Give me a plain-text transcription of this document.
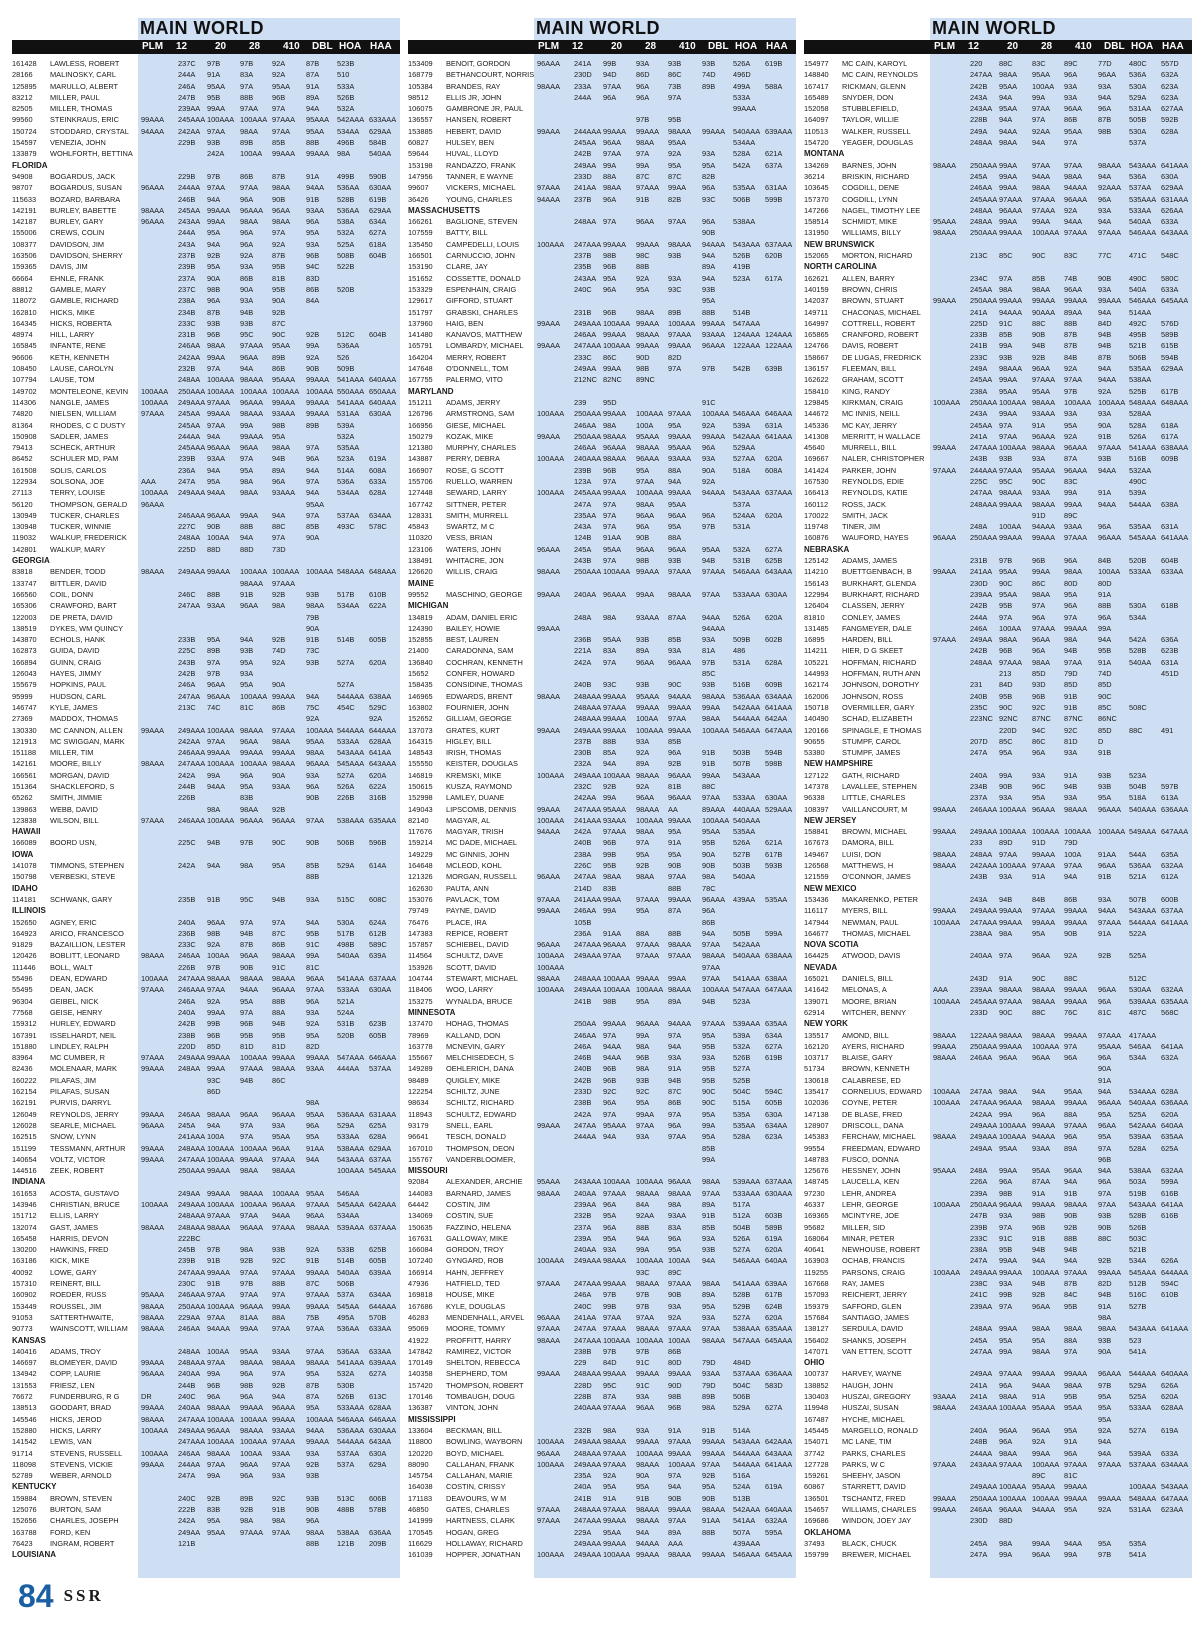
MAIN WORLD
PLM 12	20 28 410 DBL HOA HAA
161428	LAWLESS, ROBERT	237C	97B	97B	92A	87B	523B
28166	MALINOSKY, CARL	244A	91A	83A	92A	87A	510
125895	MARULLO, ALBERT	246A	95AA	97A	95AA	91A	533A
83212	MILLER, PAUL	247B	95B	88B	96B	89A	526B
82505	MILLER, THOMAS	239AA 99AA	97AA	97A	94A	532A
99560	STEINKRAUS, ERIC	99AAA	245AAA 100AAA 100AAA 97AAA	95AAA	542AAA 633AAA
150724	STODDARD, CRYSTAL	94AAA	242AA 97AA	98AA	97AA	95AA	534AA	629AA
154597	VENEZIA, JOHN	229B	93B	89B	85B	88B	496B	584B
133879	WOHLFORTH, BETTINA	242A	100AA	99AAA	99AAA	98A	540AA
FLORIDA
94908	BOGARDUS, JACK	229B	97B	86B	87B	91A	499B	590B
98707	BOGARDUS, SUSAN	96AAA	244AA 97AA	97AA	98AA	94AA	536AA	630AA
115633	BOZARD, BARBARA	246B	94A	96A	90B	91B	528B	619B
142191	BURLEY, BABETTE	98AAA	245AA 99AAA	96AAA	96AA	93AA	536AA	629AA
142187	BURLEY, GARY	96AAA	243AA 99AA	98AA	98AA	96A	538A	634A
155006	CREWS, COLIN	244A	95A	96A	97A	95A	532A	627A
108377	DAVIDSON, JIM	243A	94A	96A	92A	93A	525A	618A
163506	DAVIDSON, SHERRY	237B	92B	92A	87B	96B	508B	604B
159365	DAVIS, JIM	239B	95A	93A	95B	94C	522B
66664	EHNLE, FRANK	237A	90A	86B	81B	83D
88812	GAMBLE, MARY	237C	98B	90A	95B	86B	520B
118072	GAMBLE, RICHARD	238A	96A	93A	90A	84A
162810	HICKS, MIKE	234B	87B	94B	92B
164345	HICKS, ROBERTA	233C	93B	93B	87C
48974	HILL, LARRY	231B	96B	95C	90C	92B	512C	604B
165845	INFANTE, RENE	246AA 98AA	97AAA	95AA	99A	536AA
96606	KETH, KENNETH	242AA 99AA	96AA	89B	92A	526
108450	LAUSE, CAROLYN	232B	97A	94A	86B	90B	509B
107794	LAUSE, TOM	248AA 100AAA 98AAA	95AAA	99AAA	541AAA 640AAA
149702	MONTELEONE, KEVIN	100AAA	250AAA 100AAA 100AAA 100AAA 100AAA 550AAA 650AAA
114306	NANGLE, JAMES	100AAA	249AAA 97AAA	96AAA	99AAA	99AAA	541AAA 640AAA
74820	NIELSEN, WILLIAM	97AAA	245AA 99AAA	98AAA	93AAA	99AAA	531AA	630AA
81364	RHODES, C C DUSTY	245AA 97AA	99A	98B	89B	539A
150908	SADLER, JAMES	244AA 94A	99AAA	95A	532A
79413	SCHECK, ARTHUR	245AAA 96AAA	96AA	98AA	97A	535AA
86452	SCHULER MD, PAM	239B	93AA	97A	94B	96A	523A	619A
161508	SOLIS, CARLOS	236A	94A	95A	89A	94A	514A	608A
122934	SOLSONA, JOE	AAA	247A	95A	98A	96A	97A	536A	633A
27113	TERRY, LOUISE	100AAA	249AAA 94AA	98AA	93AAA	94A	534AA	628A
56120	THOMPSON, GERALD	96AAA	95AA
130949	TUCKER, CHARLES	246AAA 96AAA	99AA	94A	97A	537AA	634AA
130948	TUCKER, WINNIE	227C	90B	88B	88C	85B	493C	578C
119032	WALKUP, FREDERICK	248AA 100AA	94A	97A	90A
142801	WALKUP, MARY	225D	88D	88D	73D
GEORGIA
83818	BENDER, TODD	98AAA	249AAA 99AAA	100AAA 100AAA 100AAA 548AAA 648AAA
133747	BITTLER, DAVID	98AAA	97AAA
166560	COIL, DONN	246C	88B	91B	92B	93B	517B	610B
165306	CRAWFORD, BART	247AA 93AA	96AA	98A	98AA	534AA	622A
122003	DE PRETA, DAVID	79B
138519	DYKES, WM QUINCY	90A
143870	ECHOLS, HANK	233B	95A	94A	92B	91B	514B	605B
162873	GUIDA, DAVID	225C	89B	93B	74D	73C
166894	GUINN, CRAIG	243B	97A	95A	92A	93B	527A	620A
126043	HAYES, JIMMY	242B	97B	93A
155679	HOPKINS, PAUL	246A	96AA	95A	90A	527A
95999	HUDSON, CARL	247AA 96AAA	100AAA 99AAA	94A	544AAA 638AA
146747	KYLE, JAMES	213C	74C	81C	86B	75C	454C	529C
27369	MADDOX, THOMAS	92A	92A
130330	MC CANNON, ALLEN	99AAA	249AAA 100AAA 98AAA	97AAA	100AAA 544AAA 644AAA
121913	MC SWIGGAN, MARK	242AA 97AA	96AA	98AA	95AA	533AA	628AA
151188	MILLER, TIM	246AAA 99AAA	99AAA	99AAA	98AA	543AAA 641AA
142161	MOORE, BILLY	98AAA	247AAA 100AAA 100AAA 98AAA	96AAA	545AAA 643AAA
166561	MORGAN, DAVID	242A	99A	96A	90A	93A	527A	620A
151364	SHACKLEFORD, S	244B	94AA	95A	93AA	96A	526A	622A
65262	SMITH, JIMMIE	226B	83B	90B	226B	316B
139863	WEBB, DAVID	98A	98AA	92B
123838	WILSON, BILL	97AAA	246AAA 100AAA 96AAA	96AAA	97AA	538AAA 635AAA
HAWAII
166089	BOORD USN,	225C	94B	97B	90C	90B	506B	596B
IOWA
141078	TIMMONS, STEPHEN	242A	94A	98A	95A	85B	529A	614A
150798	VERBESKI, STEVE	88B
IDAHO
114181	SCHWANK, GARY	235B	91B	95C	94B	93A	515C	608C
ILLINOIS
152650	AGNEY, ERIC	240A	96AA	97A	97A	94A	530A	624A
164923	ARICO, FRANCESCO	236B	98B	94B	87C	95B	517B	612B
91829	BAZAILLION, LESTER	233C	92A	87B	86B	91C	498B	589C
120426	BOBLITT, LEONARD	98AAA	246AA 100AA	96AA	98AAA	99A	540AA	639A
111446	BOLL, WALT	226B	97B	90B	91C	81C
55496	DEAN, EDWARD	100AAA	247AAA 98AAA	98AAA	98AAA	96AA	541AAA 637AAA
55495	DEAN, JACK	97AAA	246AAA 97AA	94AA	96AAA	97AA	533AA	630AA
96304	GEIBEL, NICK	246A	92A	95A	88B	96A	521A
77568	GEISE, HENRY	240A	99AA	97A	88A	93A	524A
159312	HURLEY, EDWARD	242B	99B	96B	94B	92A	531B	623B
167391	ISSELHARDT, NEIL	238B	96B	95B	95B	95A	520B	605B
151880	LINDLEY, RALPH	220D	85D	81D	81D	82D
83964	MC CUMBER, R	97AAA	249AAA 99AAA	100AAA 99AAA	99AAA	547AAA 646AAA
82436	MOLENAAR, MARK	99AAA	248AA 99AA	97AAA	98AAA	93AA	444AA	537AA
160222	PILAFAS, JIM	93C	94B	86C
162154	PILAFAS, SUSAN	86D
162191	PURVIS, DARRYL	98A
126049	REYNOLDS, JERRY	99AAA	246AA 98AAA	96AA	96AAA	95AA	536AAA 631AAA
126028	SEARLE, MICHAEL	96AAA	245A	94A	97A	93A	96A	529A	625A
162515	SNOW, LYNN	241AAA 100A	97A	95AA	95A	533AA	628A
151199	TESSMANN, ARTHUR	99AAA	248AAA 100AAA 100AAA 96AA	91AA	538AAA 629AA
140654	VOLTZ, VICTOR	99AAA	247AAA 100AAA 99AAA	97AAA	94A	543AAA 637AA
144516	ZEEK, ROBERT	250AAA 99AAA	98AA	98AAA	100AAA 545AAA
INDIANA
161653	ACOSTA, GUSTAVO	249AA 99AAA	98AAA	100AAA 95AA	546AA
143946	CHRISTIAN, BRUCE	100AAA	249AAA 100AAA 100AAA 96AAA	97AAA	545AAA 642AAA
151712	ELLIS, LARRY	248AAA 97AAA	97AA	94AA	96AA	534AA
132074	GAST, JAMES	98AAA	248AAA 98AAA	96AAA	97AAA	98AAA	539AAA 637AAA
165458	HARRIS, DEVON	222BC
130200	HAWKINS, FRED	245B	97B	98A	93B	92A	533B	625B
163186	KICK, MIKE	239B	91B	92B	92C	91B	514B	605B
40092	LOWE, GARY	247AAA 99AAA	97AA	97AAA	99AAA	540AA	639AA
157310	REINERT, BILL	230C	91B	97B	88B	87C	506B
160902	ROEDER, RUSS	95AAA	246AAA 97AA	97AA	97A	97AAA	537A	634AA
153449	ROUSSEL, JIM	98AAA	250AAA 100AAA 96AAA	99AA	99AAA	545AA	644AAA
91053	SATTERTHWAITE,	98AAA	229AA 97AA	81AA	88A	75B	495A	570B
90773	WAINSCOTT, WILLIAM	98AAA	246AA 94AAA	99AA	97AA	97AA	536AA	633AA
KANSAS
140416	ADAMS, TROY	248AA 100AA	95AA	93AA	97AA	536AA	633AA
146697	BLOMEYER, DAVID	99AAA	248AAA 97AA	98AAA	98AAA	98AAA	541AAA 639AAA
134942	COPP, LAURIE	96AAA	240AA 99A	96A	97A	95A	532A	627A
131553	FRIESZ, LEN	244B	96B	98B	92B	87B	530B
76672	FUNDERBURG, R G	DR	240C	96A	96A	94A	87A	526B	613C
138513	GOODART, BRAD	99AAA	240AA 98AAA	99AAA	96AAA	95A	533AAA 628AA
145546	HICKS, JEROD	98AAA	247AAA 100AAA 100AAA 99AAA	100AAA 546AAA 646AAA
152880	HICKS, LARRY	100AAA	249AAA 96AAA	98AAA	93AAA	94AA	536AAA 630AAA
141542	LEWIS, VAN	247AAA 100AAA 100AAA 97AAA	99AAA	544AAA 643AA
91714	STEVENS, RUSSELL	100AAA	246AA 98AAA	100AA	93AA	93A	537AA	630A
118098	STEVENS, VICKIE	99AAA	244AA 97AA	96AA	97AA	92B	537A	629A
52789	WEBER, ARNOLD	247A	99A	96A	93A	93B
KENTUCKY
159884	BROWN, STEVEN	240C	92B	89B	92C	93B	513C	606B
125076	BURTON, SAM	222B	83B	92B	91B	90B	488B	578B
152656	CHARLES, JOSEPH	242A	95A	98A	98A	96A
163788	FORD, KEN	249AA 95AA	97AAA	97AA	98AA	538AA	636AA
76423	INGRAM, ROBERT	121B	88B	121B	209B
LOUISIANA
MAIN WORLD
PLM 12	20 28 410 DBL HOA HAA
153409	BENOIT, GORDON	96AAA	241A	99B	93A	93B	93B	526A	619B
168779	BETHANCOURT, NORRIS	230D	94D	86D	86C	74D	496D
105384	BRANDES, RAY	98AAA	233A	97AA	96A	73B	89B	499A	588A
98512	ELLIS JR, JOHN	244A	96A	96A	97A	533A
106075	GAMBRONE JR, PAUL	99AAA
136557	HANSEN, ROBERT	97B	95B
153885	HEBERT, DAVID	99AAA	244AAA 99AAA	99AAA	98AAA	99AAA	540AAA 639AAA
60827	HULSEY, BEN	245AA 96AA	98AA	95AA	534AA
59644	HUVAL, LLOYD	242B	97AA	97A	92A	93A	528A	621A
153198	RANDAZZO, FRANK	249AA 99A	99A	95A	95A	542A	637A
147956	TANNER, E WAYNE	233D	88A	87C	87C	82B
99607	VICKERS, MICHAEL	97AAA	241AA 98AA	97AAA	99AA	96A	535AA	631AA
36426	YOUNG, CHARLES	94AAA	237B	96A	91B	82B	93C	506B	599B
MASSACHUSETTS
166261	BAGLIONE, STEVEN	248AA 97A	96AA	97AA	96A	538AA
107559	BATTY, BILL	90B
135450	CAMPEDELLI, LOUIS	100AAA	247AAA 99AAA	99AAA	98AAA	94AAA	543AAA 637AAA
166501	CARNUCCIO, JOHN	237B	98B	98C	93B	94A	526B	620B
153190	CLARE, JAY	235B	96B	88B	89A	419B
151652	COSSETTE, DONALD	243AA 95A	92A	93A	94A	523A	617A
153329	ESPENHAIN, CRAIG	240C	96A	95A	93C	93B
129617	GIFFORD, STUART	95A
151797	GRABSKI, CHARLES	231B	96B	98AA	89B	88B	514B
137960	HAIG, BEN	99AAA	249AAA 100AAA 99AAA	100AAA 99AAA	547AAA
141480	KANAVOS, MATTHEW	246AA 99AAA	98AAA	97AAA	93AAA	124AAA 124AAA
165791	LOMBARDY, MICHAEL	99AAA	247AAA 100AAA 99AAA	99AAA	96AAA	122AAA 122AAA
164204	MERRY, ROBERT	233C	86C	90D	82D
147648	O'DONNELL, TOM	249AA 99AA	98B	97A	97B	542B	639B
167755	PALERMO, VITO	212NC 82NC	89NC
MARYLAND
151211	ADAMS, JERRY	239	95D	91C
126796	ARMSTRONG, SAM	100AAA	250AAA 99AAA	100AAA 97AAA	100AAA 546AAA 646AAA
166956	GIESE, MICHAEL	246AA 98A	100A	95A	92A	539A	631A
150279	KOZAK, MIKE	99AAA	250AAA 98AAA	95AAA	99AAA	99AAA	542AAA 641AAA
121380	MURPHY, CHARLES	246AA 96AAA	98AAA	95AAA	96A	529AA
143887	PERRY, DEBRA	100AAA	240AAA 98AAA	96AAA	93AAA	93A	527AA	620A
166907	ROSE, G SCOTT	239B	96B	95A	88A	90A	518A	608A
155706	RUELLO, WARREN	123A	97A	97AA	94A	92A
127448	SEWARD, LARRY	100AAA	245AAA 99AAA	100AAA 99AAA	94AAA	543AAA 637AAA
167742	SITTNER, PETER	247A	97A	98AA	95AA	537A
128331	SMITH, MURRELL	235AA 97A	96AA	96AA	96A	524AA	620A
45843	SWARTZ, M C	243A	97A	96A	95A	97B	531A
110320	VESS, BRIAN	124B	91AA	90B	88A
123106	WATERS, JOHN	96AAA	245A	95AA	96AA	96AA	95AA	532A	627A
138491	WHITACRE, JON	243B	97A	98B	93B	94B	531B	625B
126620	WILLIS, CRAIG	98AAA	250AAA 100AAA 99AAA	97AAA	97AAA	546AAA 643AAA
MAINE
99552	MASCHINO, GEORGE	99AAA	240AA 96AAA	99AA	98AAA	97AA	533AAA 630AA
MICHIGAN
134819	ADAM, DANIEL ERIC	248A	98A	93AAA	87AA	94AA	526A	620A
124390	BAILEY, HOWIE	99AAA	94AAA
152855	BEST, LAUREN	236B	95AA	93B	85B	93A	509B	602B
21400	CARADONNA, SAM	221A	83A	89A	93A	81A	486
136840	COCHRAN, KENNETH	242A	97A	96AA	96AAA	97B	531A	628A
15652	CONFER, HOWARD	85C
158435	CONSIDINE, THOMAS	240B	93C	93B	90C	93B	516B	609B
146965	EDWARDS, BRENT	98AAA	248AAA 99AAA	95AAA	94AAA	98AAA	536AAA 634AAA
163802	FOURNIER, JOHN	248AAA 97AAA	99AAA	99AAA	99AA	542AAA 641AAA
152652	GILLIAM, GEORGE	248AAA 99AAA	100AA	97AA	98AA	544AAA 642AA
137073	GRATES, KURT	99AAA	249AAA 99AAA	100AAA 99AAA	100AAA 546AAA 647AAA
164315	HIGLEY, BILL	237B	88B	93A	85B
148543	IRISH, THOMAS	230B	85A	92A	96A	91B	503B	594B
155550	KEISTER, DOUGLAS	232A	94A	89A	92B	91B	507B	598B
146819	KREMSKI, MIKE	100AAA	249AAA 100AAA 98AAA	96AAA	99AA	543AAA
150615	KUSZA, RAYMOND	232C	92B	92A	81B	88C
152998	LAMLEY, DUANE	242AA 99A	96AA	96AAA	97AA	533AA	630AA
149043	LIPSCOMB, DENNIS	99AAA	247AAA 95AAA	98AAA	AA	89AAA	440AAA 529AAA
82140	MAGYAR, AL	100AAA	241AAA 93AAA	100AAA 99AAA	100AAA 540AAA
117676	MAGYAR, TRISH	94AAA	242A	97AAA	98AA	95A	95AA	535AA
159214	MC DADE, MICHAEL	240B	96B	97A	91A	95B	526A	621A
149229	MC GINNIS, JOHN	238A	99B	95A	95A	90A	527B	617B
164648	MCLEOD, KOHL	226C	95B	92B	90B	90B	503B	593B
121326	MORGAN, RUSSELL	96AAA	247AA 98AA	98AA	97AA	98A	540AA
162630	PAUTA, ANN	214D	83B	88B	78C
153076	PAVLACK, TOM	97AAA	241AAA 99AA	97AAA	99AAA	96AAA	439AA	535AA
79749	PAYNE, DAVID	99AAA	246AA 99A	95A	87A	96A
76476	PLACE, IRA	105B	86B
147383	REPICE, ROBERT	236A	91AA	88A	88B	94A	505B	599A
157857	SCHIEBEL, DAVID	96AAA	247AAA 96AAA	97AAA	98AAA	97AA	542AAA
114564	SCHULTZ, DAVE	100AAA	249AAA 97AA	97AAA	97AAA	98AAA	540AAA 638AAA
153926	SCOTT, DAVID	100AAA	97AA
104744	STEWART, MICHAEL	98AAA	248AAA 100AAA 99AAA	99AA	97AA	541AAA 638AA
118406	WOO, LARRY	100AAA	249AAA 100AAA 100AAA 98AAA	100AAA 547AAA 647AAA
153275	WYNALDA, BRUCE	241B	98B	95A	89A	94B	523A
MINNESOTA
137470	HOHAG, THOMAS	250AA 99AAA	96AAA	94AAA	97AAA	539AAA 635AA
78969	KALLAND, DON	246AA 97A	99A	97A	95A	539A	634A
163778	MCNEVIN, GARY	246A	94AA	98A	94A	95B	532A	627A
155667	MELCHISEDECH, S	246B	94AA	96B	93A	93A	526B	619B
149289	OEHLERICH, DANA	240B	96B	98A	91A	95B	527A
98489	QUIGLEY, MIKE	242B	96B	93B	94B	95B	525B
122254	SCHILTZ, JUNE	233D	92C	92C	87C	90C	504C	594C
98634	SCHILTZ, RICHARD	238B	96A	95A	86B	90C	515A	605B
118943	SCHULTZ, EDWARD	242A	97A	99AA	97A	95A	535A	630A
93179	SNELL, EARL	99AAA	247AA 95AAA	97AA	96A	99A	535AA	634AA
96641	TESCH, DONALD	244AA 94A	93A	97AA	95A	528A	623A
167010	THOMPSON, DEON	85B
155767	VANDERBLOOMER,	99A
MISSOURI
92084	ALEXANDER, ARCHIE	95AAA	243AAA 100AAA 100AAA 96AAA	98AA	539AAA 637AAA
144083	BARNARD, JAMES	98AAA	240AA 97AAA	98AAA	98AAA	97AA	533AAA 630AAA
64442	COSTIN, JIM	239AA 96A	84A	98A	89A	517A
134069	COSTIN, SUE	232B	95A	92AA	93AA	91B	512A	603B
150635	FAZZINO, HELENA	237A	96A	88B	83A	85B	504B	589B
167631	GALLOWAY, MIKE	239A	95A	94A	96A	93A	526A	619A
166084	GORDON, TROY	240AA 93A	99A	95A	93B	527A	620A
107240	GYNGARD, ROB	100AAA	249AAA 98AAA	100AAA 100AA	94A	546AAA 640AA
166914	HAHN, JEFFREY	93C	89C
47936	HATFIELD, TED	97AAA	247AAA 99AAA	98AAA	97AAA	98AA	541AAA 639AA
169818	HOUSE, MIKE	246A	97B	97B	90B	89A	528B	617B
167686	KYLE, DOUGLAS	240C	99B	97B	93A	95A	529B	624B
46283	MENDENHALL, ARVEL	96AAA	241AA 97AA	97AA	92A	93A	527A	620A
95069	MOORE, TOMMY	97AAA	247AA 97AAA	98AAA	97AAA	97AA	538AAA 635AAA
41922	PROFFITT, HARRY	98AAA	247AAA 100AAA 100AAA 100AA	98AAA	547AAA 645AAA
147842	RAMIREZ, VICTOR	238B	97B	97B	86B
170149	SHELTON, REBECCA	229	84D	91C	80D	79D	484D
140358	SHEPHERD, TOM	99AAA	248AAA 99AAA	99AAA	99AAA	93AA	537AAA 636AAA
157420	THOMPSON, ROBERT	228D	95C	91C	90D	79D	504C	583D
170146	TOMBAUGH, DOUG	228B	87A	93A	98B	89B	506B
136387	VINTON, JOHN	240AAA 97AAA	96AA	96B	98A	529A	627A
MISSISSIPPI
133604	BECKMAN, BILL	232B	98A	93A	91A	91B	514A
118800	BOWLING, WAYBORN	100AAA	249AAA 98AAA	99AAA	97AAA	99AAA	543AAA 642AAA
120220	BOYD, MICHAEL	96AAA	248AAA 97AAA	100AAA 99AAA	99AAA	544AAA 643AAA
88090	CALLAHAN, FRANK	100AAA	249AAA 97AAA	98AAA	100AAA 97AA	544AAA 641AAA
145754	CALLAHAN, MARIE	235A	92A	90A	97A	92B	516A
164038	COSTIN, CRISSY	240A	95A	95A	94A	95A	524A	619A
171183	DEAVOURS, W M	241B	91A	91B	90B	90B	513B
46850	GATES, CHARLES	97AAA	248AAA 97AAA	98AAA	99AAA	98AAA	542AAA 640AAA
141999	HARTNESS, CLARK	97AAA	247AAA 99AAA	98AAA	97AA	91AA	541AA	632AA
170545	HOGAN, GREG	229A	95AA	94A	89A	88B	507A	595A
116629	HOLLAWAY, RICHARD	249AAA 99AAA	94AAA	AAA	439AAA
161039	HOPPER, JONATHAN	100AAA	249AAA 100AAA 99AAA	98AAA	99AAA	546AAA 645AAA
MAIN WORLD
PLM 12	20 28 410 DBL HOA HAA
154977	MC CAIN, KAROYL	220	88C	83C	89C	77D	480C	557D
148840	MC CAIN, REYNOLDS	247AA 98AA	95AA	96A	96AA	536A	632A
167417	RICKMAN, GLENN	242B	95AA	100AA	93A	93A	530A	623A
165489	SNYDER, DON	243A	94A	99A	93A	94A	529A	623A
152058	STUBBLEFIELD,	243AA 95AA	97AA	96AA	96A	531AA	627AA
164097	TAYLOR, WILLIE	228B	94A	97A	86B	87B	505B	592B
110513	WALKER, RUSSELL	249A	94AA	92AA	95AA	98B	530A	628A
154720	YEAGER, DOUGLAS	248AA 98AA	94A	97A	537A
MONTANA
134269	BARNES, JOHN	98AAA	250AAA 99AA	97AA	97AA	98AAA	543AAA 641AAA
36214	BRISKIN, RICHARD	245A	99AA	94AA	98AA	94A	536A	630A
103645	COGDILL, DENE	246AA 99AA	98AA	94AAA	92AAA	537AA	629AA
157370	COGDILL, LYNN	245AAA 97AAA	97AAA	96AAA	96A	535AAA 631AAA
147266	NAGEL, TIMOTHY LEE	248AA 96AAA	97AAA	92A	93A	533AA	626AA
158514	SCHMIDT, MIKE	95AAA	248AA 99AA	99AA	94AA	94A	540AA	633A
131950	WILLIAMS, BILLY	98AAA	250AAA 99AAA	100AAA 97AAA	97AAA	546AAA 643AAA
NEW BRUNSWICK
152065	MORTON, RICHARD	213C	85C	90C	83C	77C	471C	548C
NORTH CAROLINA
162621	ALLEN, BARRY	234C	97A	85B	74B	90B	490C	580C
140159	BROWN, CHRIS	245AA 98A	98AA	96AA	93A	540A	633A
142037	BROWN, STUART	99AAA	250AAA 99AAA	99AAA	99AAA	99AAA	546AAA 645AAA
149711	CHACONAS, MICHAEL	241A	94AAA	90AAA	89AA	94A	514AA
164997	COTTRELL, ROBERT	225D	91C	88C	88B	84D	492C	576D
165865	CRANFORD, ROBERT	233B	85B	90B	87B	94B	495B	589B
124766	DAVIS, ROBERT	241B	99A	94B	87B	94B	521B	615B
158667	DE LUGAS, FREDRICK	233C	93B	92B	84B	87B	506B	594B
136157	FLEEMAN, BILL	249A	98AAA	96AA	92A	94A	535AA	629AA
162622	GRAHAM, SCOTT	245AA 99AA	97AAA	97AA	94AA	538AA
158410	KING, RANDY	238A	95AA	95AA	97B	92A	525B	617B
129845	KIRKMAN, CRAIG	100AAA	250AAA 100AAA 98AAA	100AAA 100AAA 548AAA 648AAA
144672	MC INNIS, NEILL	243A	99AA	93AAA	93A	93A	528AA
145336	MC KAY, JERRY	245AA 97A	91A	95A	90A	528A	618A
141308	MERRITT, H WALLACE	241A	97AA	96AAA	92A	91B	526A	617A
45640	MURRELL, BILL	99AAA	247AAA 100AAA 98AAA	96AAA	97AAA	541AAA 638AAA
169667	NALER, CHRISTOPHER	243B	93B	93A	87A	93B	516B	609B
141424	PARKER, JOHN	97AAA	244AAA 97AAA	95AAA	96AAA	94AA	532AA
167530	REYNOLDS, EDIE	225C	95C	90C	83C	490C
166413	REYNOLDS, KATIE	247AA 98AAA	93AA	99A	91A	539A
160112	ROSS, JACK	248AAA 99AAA	98AAA	99AA	94AA	544AA	638A
170022	SMITH, JACK	91D	89C
119748	TINER, JIM	248A	100AA	94AAA	93AA	96A	535AA	631A
160876	WAUFORD, HAYES	96AAA	250AAA 99AAA	99AAA	97AAA	96AAA	545AAA 641AAA
NEBRASKA
125142	ADAMS, JAMES	231B	97B	96B	96A	84B	520B	604B
114210	BUETTGENBACH, B	99AAA	241AA 95AA	99AA	98AA	100AA	533AA	633AA
156143	BURKHART, GLENDA	230D	90C	86C	80D	80D
122994	BURKHART, RICHARD	239AA 95AA	98AA	95A	91A
126404	CLASSEN, JERRY	242B	95B	97A	96A	88B	530A	618B
81810	CONLEY, JAMES	244A	97A	96A	97A	96A	534A
131485	FANGMEYER, DALE	246A	100AA	97AAA	99AAA	99A
16895	HARDEN, BILL	97AAA	249AA 98AA	96AA	98A	94A	542A	636A
114211	HIER, D G SKEET	242B	96B	96A	94B	95B	528B	623B
105221	HOFFMAN, RICHARD	248AA 97AAA	98AA	97AA	91A	540AA	631A
144993	HOFFMAN, RUTH ANN	213	85D	79D	74D	451D
162174	JOHNSON, DOROTHY	231	84D	93D	85D	85D
162006	JOHNSON, ROSS	240B	95B	96B	91B	90C
150718	OVERMILLER, GARY	235C	90C	92C	91B	85C	508C
140490	SCHAD, ELIZABETH	223NC 92NC	87NC	87NC	86NC
120166	SPINAGLE, E THOMAS	220D	94C	92C	85D	88C	491
90655	STUMPF, CAROL	207D	85C	86C	81D	D
53380	STUMPF, JAMES	247A	95A	96A	93A	91B
NEW HAMPSHIRE
127122	GATH, RICHARD	240A	99A	93A	91A	93B	523A
147378	LAVALLEE, STEPHEN	234B	90B	96C	94B	93B	504B	597B
96338	LITTLE, CHARLES	237A	93A	95A	93A	95A	518A	613A
108397	VAILLANCOURT, M	99AAA	246AAA 100AAA 96AAA	98AAA	96AAA	540AAA 636AAA
NEW JERSEY
158841	BROWN, MICHAEL	99AAA	249AAA 100AAA 100AAA 100AAA 100AAA 549AAA 647AAA
167673	DAMORA, BILL	233	89D	91D	79D
149467	LUISI, DON	98AAA	248AA 97AA	99AAA	100A	91AA	544A	635A
126568	MATTHEWS, H	98AAA	242AAA 100AAA 97AAA	97AA	96AA	536AA	632AA
121559	O'CONNOR, JAMES	243B	93A	91A	94A	91B	521A	612A
NEW MEXICO
153436	MAKARENKO, PETER	243A	94B	84B	86B	93A	507B	600B
116117	MYERS, BILL	99AAA	249AAA 99AAA	97AAA	99AAA	94AA	543AAA 637AA
147944	NEWMAN, PAUL	100AAA	247AAA 99AAA	99AAA	99AAA	97AAA	544AAA 641AAA
164677	THOMAS, MICHAEL	238AA 98A	95A	90B	91A	522A
NOVA SCOTIA
164425	ATWOOD, DAVIS	240AA 97A	96AA	92A	92B	525A
NEVADA
165021	DANIELS, BILL	243D	91A	90C	88C	512C
141642	MELONAS, A	AAA	239AA 98AAA	98AAA	99AAA	96AA	530AA	632AA
139071	MOORE, BRIAN	100AAA	245AAA 97AAA	98AAA	99AAA	96A	539AAA 635AAA
62914	WITCHER, BENNY	233D	90C	88C	76C	81C	487C	568C
NEW YORK
135517	AMOND, BILL	98AAA	122AAA 98AAA	98AAA	99AAA	97AAA	417AAA
162120	AYERS, RICHARD	99AAA	250AAA 99AAA	100AAA 97A	95AAA	546AA	641AA
103717	BLAISE, GARY	98AAA	246AA 96AA	96AA	96A	96A	534A	632A
51734	BROWN, KENNETH	90A
130618	CALABRESE, ED	91A
135417	CORNELIUS, EDWARD	100AAA	247AA 98AA	94A	95AA	94A	534AAA 628A
102036	COYNE, PETER	100AAA	247AAA 96AAA	98AAA	99AAA	96AAA	540AAA 636AAA
147138	DE BLASE, FRED	242AA 99A	96A	88A	95A	525A	620A
128907	DRISCOLL, DANA	249AAA 100AAA 99AAA	97AAA	96AA	542AAA 640AA
145383	FERCHAW, MICHAEL	98AAA	249AAA 100AAA 94AAA	96A	95A	539AA	635AA
99554	FREEDMAN, EDWARD	249AA 95AA	93AA	89A	97A	528A	625A
148783	FUSCO, DONNA	96B
125676	HESSNEY, JOHN	95AAA	248A	99AA	95AA	96AA	94A	538AA	632AA
148745	LAUCELLA, KEN	226A	96A	87AA	94A	96A	503A	599A
97230	LEHR, ANDREA	239A	98B	91A	91B	97A	519B	616B
46337	LEHR, GEORGE	100AAA	250AAA 96AAA	99AAA	98AAA	97AA	543AAA 641AA
169365	MCINTYRE, JOE	247B	93A	98B	90B	93B	528B	616B
95682	MILLER, SID	239B	97A	96B	92B	90B	526B
168064	MINAR, PETER	233C	91C	91B	88B	88C	503C
40641	NEWHOUSE, ROBERT	238A	95B	94B	94B	521B
163903	OCHAB, FRANCIS	247A	99AA	94A	94A	92B	534A	626A
119255	PARSONS, CRAIG	100AAA	249AAA 99AAA	100AAA 97AAA	99AAA	545AAA 644AAA
167668	RAY, JAMES	238C	93A	94B	87B	82D	512B	594C
157093	REICHERT, JERRY	241C	99B	92B	84C	94B	516C	610B
159379	SAFFORD, GLEN	239AA 97A	96AA	95B	91A	527B
157684	SANTIAGO, JAMES	98A
138127	SERDULA, DAVID	248AA 99AA	98AA	98AA	98AA	543AAA 641AAA
156402	SHANKS, JOSEPH	245A	95A	95A	88A	93B	523
147071	VAN ETTEN, SCOTT	247AA 99A	98AA	97A	90A	541A
OHIO
100737	HARVEY, WAYNE	249AA 97AAA	99AAA	99AAA	96AAA	544AAA 640AAA
138852	HAUGH, JOHN	241A	96A	94AA	98AA	97B	529A	626A
130403	HUSZAI, GREGORY	93AAA	241A	98AA	91A	95B	95A	525A	620A
119948	HUSZAI, SUSAN	98AAA	243AAA 100AAA 95AAA	95AA	95A	533AA	628AA
167487	HYCHE, MICHAEL	95A
145445	MARGELLO, RONALD	240A	96AA	96AA	95A	92A	527A	619A
154071	MC LANE, TIM	248B	96A	92A	91A	94A
37742	PARKS, CHARLES	244AA 98AA	99AA	96A	94A	539AA	633A
127728	PARKS, W C	97AAA	243AAA 97AAA	100AAA 97AAA	97AAA	537AAA 634AAA
159261	SHEEHY, JASON	89C	81C
60867	STARRETT, DAVID	249AAA 100AAA 95AAA	99AAA	100AAA 543AAA
136501	TSCHANTZ, FRED	99AAA	250AAA 100AAA 100AAA 99AAA	99AAA	548AAA 647AAA
154657	WILLIAMS, CHARLES	99AAA	246AA 96AAA	94AAA	95A	92A	531AA	623AA
169686	WINDON, JOEY JAY	230D	88D
OKLAHOMA
37493	BLACK, CHUCK	245A	98A	99AA	94AA	95A	535A
159799	BREWER, MICHAEL	247A	99A	96AA	99A	97B	541A
84 SSR
